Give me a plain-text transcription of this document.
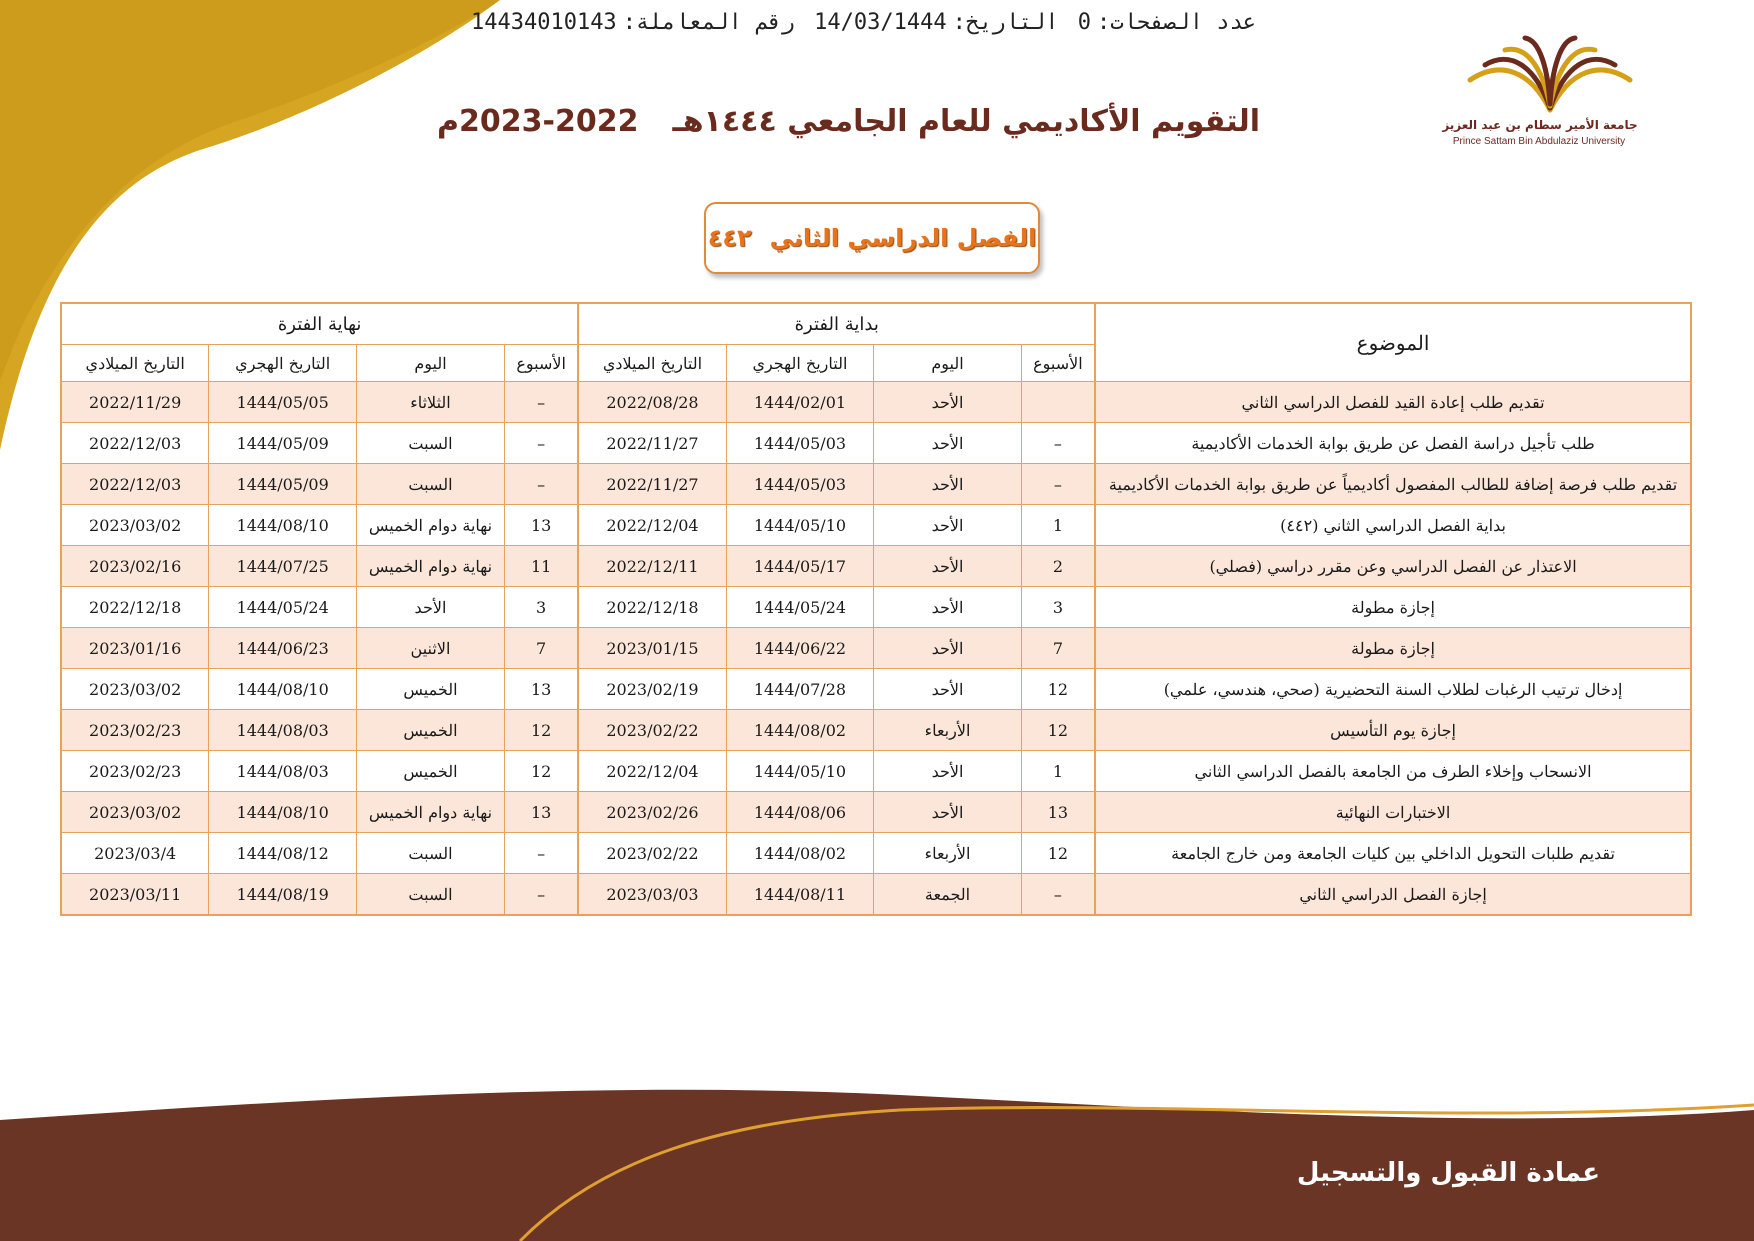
عدد الصفحات:0 التاريخ:14/03/1444 رقم المعاملة:14434010143
جامعة الأمير سطام بن عبد العزيز
Prince Sattam Bin Abdulaziz University
التقويم الأكاديمي للعام الجامعي ١٤٤٤هـ2022-2023م
الفصل الدراسي الثاني
٤٤٢
الموضوع	بداية الفترة				نهاية الفترة			
	الأسبوع	اليوم	التاريخ الهجري	التاريخ الميلادي	الأسبوع	اليوم	التاريخ الهجري	التاريخ الميلادي
تقديم طلب إعادة القيد للفصل الدراسي الثاني		الأحد	1444/02/01	2022/08/28	–	الثلاثاء	1444/05/05	2022/11/29
طلب تأجيل دراسة الفصل عن طريق بوابة الخدمات الأكاديمية	–	الأحد	1444/05/03	2022/11/27	–	السبت	1444/05/09	2022/12/03
تقديم طلب فرصة إضافة للطالب المفصول أكاديمياً عن طريق بوابة الخدمات الأكاديمية	–	الأحد	1444/05/03	2022/11/27	–	السبت	1444/05/09	2022/12/03
بداية الفصل الدراسي الثاني (٤٤٢)	1	الأحد	1444/05/10	2022/12/04	13	نهاية دوام الخميس	1444/08/10	2023/03/02
الاعتذار عن الفصل الدراسي وعن مقرر دراسي (فصلي)	2	الأحد	1444/05/17	2022/12/11	11	نهاية دوام الخميس	1444/07/25	2023/02/16
إجازة مطولة	3	الأحد	1444/05/24	2022/12/18	3	الأحد	1444/05/24	2022/12/18
إجازة مطولة	7	الأحد	1444/06/22	2023/01/15	7	الاثنين	1444/06/23	2023/01/16
إدخال ترتيب الرغبات لطلاب السنة التحضيرية (صحي، هندسي، علمي)	12	الأحد	1444/07/28	2023/02/19	13	الخميس	1444/08/10	2023/03/02
إجازة يوم التأسيس	12	الأربعاء	1444/08/02	2023/02/22	12	الخميس	1444/08/03	2023/02/23
الانسحاب وإخلاء الطرف من الجامعة بالفصل الدراسي الثاني	1	الأحد	1444/05/10	2022/12/04	12	الخميس	1444/08/03	2023/02/23
الاختبارات النهائية	13	الأحد	1444/08/06	2023/02/26	13	نهاية دوام الخميس	1444/08/10	2023/03/02
تقديم طلبات التحويل الداخلي بين كليات الجامعة ومن خارج الجامعة	12	الأربعاء	1444/08/02	2023/02/22	–	السبت	1444/08/12	2023/03/4
إجازة الفصل الدراسي الثاني	–	الجمعة	1444/08/11	2023/03/03	–	السبت	1444/08/19	2023/03/11
عمادة القبول والتسجيل
